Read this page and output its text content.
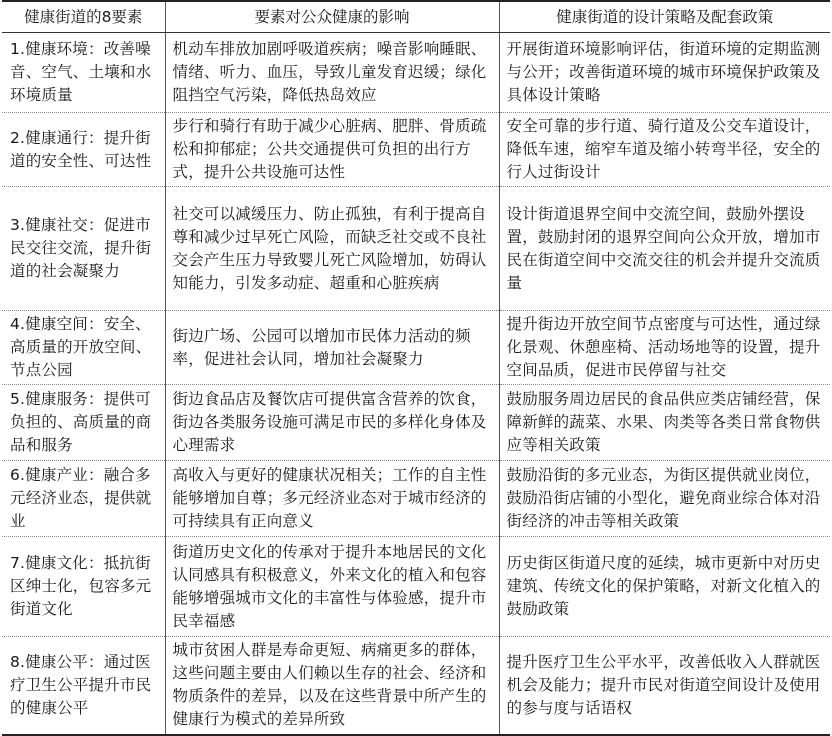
健康街道的8要素	要素对公众健康的影响	健康街道的设计策略及配套政策
1.健康环境：改善噪音、空气、土壤和水环境质量	机动车排放加剧呼吸道疾病；噪音影响睡眠、情绪、听力、血压，导致儿童发育迟缓；绿化阻挡空气污染，降低热岛效应	开展街道环境影响评估，街道环境的定期监测与公开；改善街道环境的城市环境保护政策及具体设计策略
2.健康通行：提升街道的安全性、可达性	步行和骑行有助于减少心脏病、肥胖、骨质疏松和抑郁症；公共交通提供可负担的出行方式，提升公共设施可达性	安全可靠的步行道、骑行道及公交车道设计，降低车速，缩窄车道及缩小转弯半径，安全的行人过街设计
3.健康社交：促进市民交往交流，提升街道的社会凝聚力	社交可以减缓压力、防止孤独，有利于提高自尊和减少过早死亡风险，而缺乏社交或不良社交会产生压力导致婴儿死亡风险增加，妨碍认知能力，引发多动症、超重和心脏疾病	设计街道退界空间中交流空间，鼓励外摆设置，鼓励封闭的退界空间向公众开放，增加市民在街道空间中交流交往的机会并提升交流质量
4.健康空间：安全、高质量的开放空间、节点公园	街边广场、公园可以增加市民体力活动的频率，促进社会认同，增加社会凝聚力	提升街边开放空间节点密度与可达性，通过绿化景观、休憩座椅、活动场地等的设置，提升空间品质，促进市民停留与社交
5.健康服务：提供可负担的、高质量的商品和服务	街边食品店及餐饮店可提供富含营养的饮食，街边各类服务设施可满足市民的多样化身体及心理需求	鼓励服务周边居民的食品供应类店铺经营，保障新鲜的蔬菜、水果、肉类等各类日常食物供应等相关政策
6.健康产业：融合多元经济业态，提供就业	高收入与更好的健康状况相关；工作的自主性能够增加自尊；多元经济业态对于城市经济的可持续具有正向意义	鼓励沿街的多元业态，为街区提供就业岗位，鼓励沿街店铺的小型化，避免商业综合体对沿街经济的冲击等相关政策
7.健康文化：抵抗街区绅士化，包容多元街道文化	街道历史文化的传承对于提升本地居民的文化认同感具有积极意义，外来文化的植入和包容能够增强城市文化的丰富性与体验感，提升市民幸福感	历史街区街道尺度的延续，城市更新中对历史建筑、传统文化的保护策略，对新文化植入的鼓励政策
8.健康公平：通过医疗卫生公平提升市民的健康公平	城市贫困人群是寿命更短、病痛更多的群体，这些问题主要由人们赖以生存的社会、经济和物质条件的差异，以及在这些背景中所产生的健康行为模式的差异所致	提升医疗卫生公平水平，改善低收入人群就医机会及能力；提升市民对街道空间设计及使用的参与度与话语权
